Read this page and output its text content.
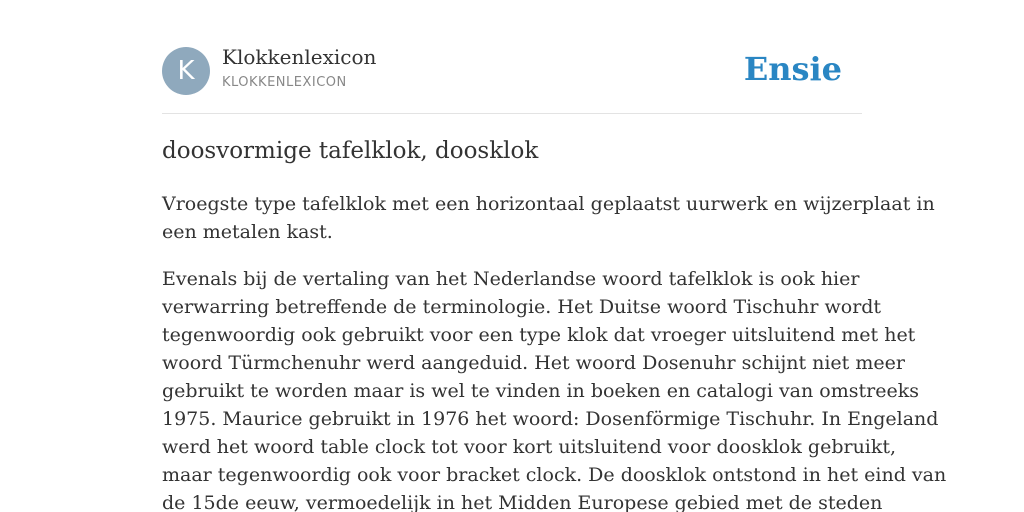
K	Klokkenlexicon
KLOKKENLEXICON	Ensie
doosvormige tafelklok, doosklok

Vroegste type tafelklok met een horizontaal geplaatst uurwerk en wijzerplaat in
een metalen kast.

Evenals bij de vertaling van het Nederlandse woord tafelklok is ook hier
verwarring betreffende de terminologie. Het Duitse woord Tischuhr wordt
tegenwoordig ook gebruikt voor een type klok dat vroeger uitsluitend met het
woord Türmchenuhr werd aangeduid. Het woord Dosenuhr schijnt niet meer
gebruikt te worden maar is wel te vinden in boeken en catalogi van omstreeks
1975. Maurice gebruikt in 1976 het woord: Dosenförmige Tischuhr. In Engeland
werd het woord table clock tot voor kort uitsluitend voor doosklok gebruikt,
maar tegenwoordig ook voor bracket clock. De doosklok ontstond in het eind van
de 15de eeuw, vermoedelijk in het Midden Europese gebied met de steden
